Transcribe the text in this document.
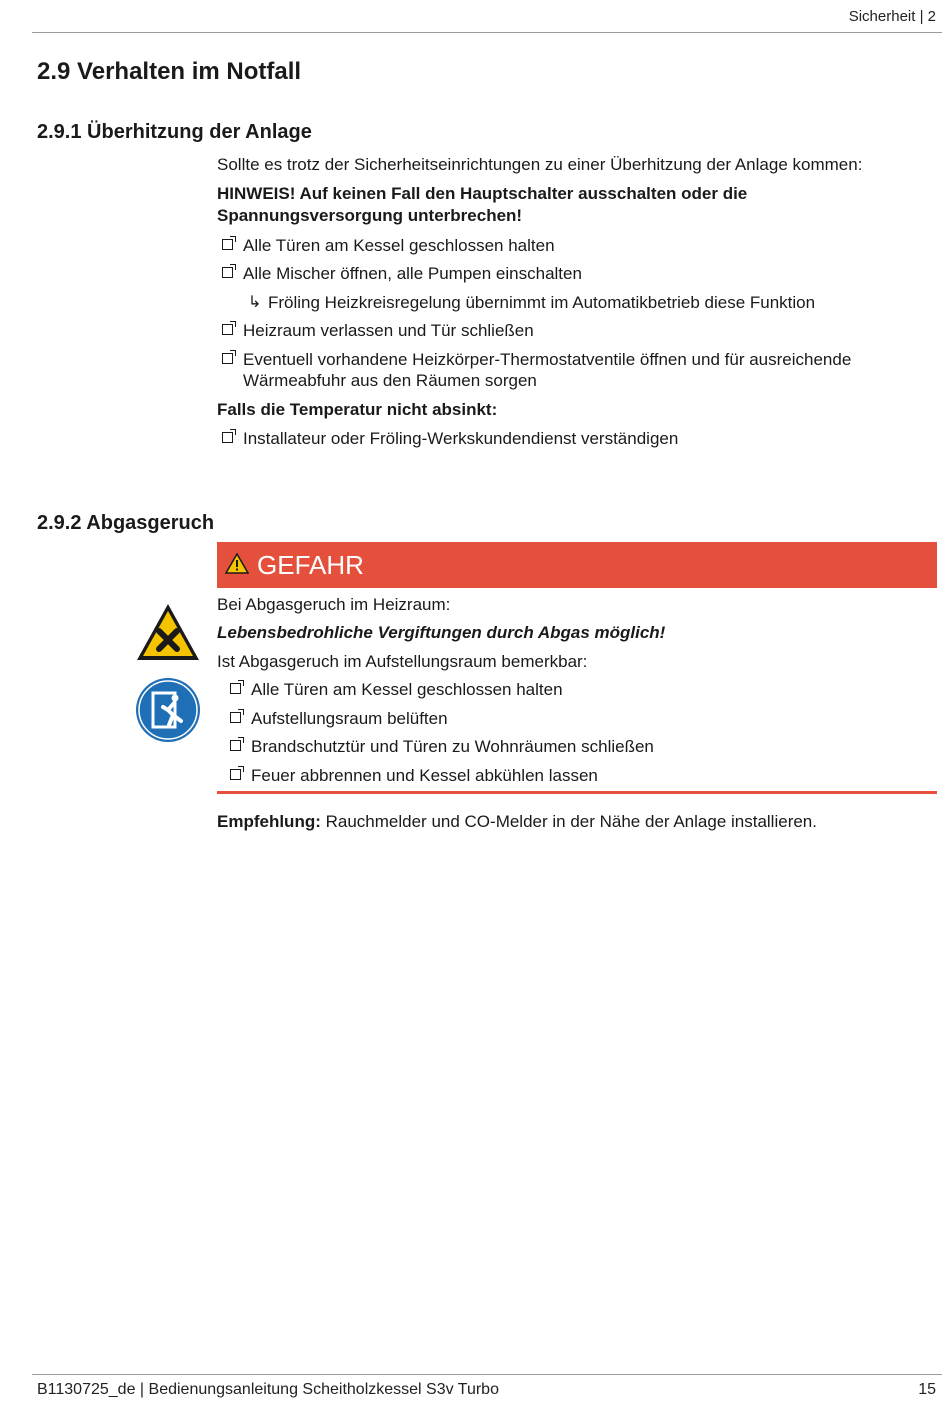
Sicherheit | 2
2.9 Verhalten im Notfall
2.9.1 Überhitzung der Anlage
Sollte es trotz der Sicherheitseinrichtungen zu einer Überhitzung der Anlage kommen:
HINWEIS! Auf keinen Fall den Hauptschalter ausschalten oder die
Spannungsversorgung unterbrechen!
Alle Türen am Kessel geschlossen halten
Alle Mischer öffnen, alle Pumpen einschalten
↳ Fröling Heizkreisregelung übernimmt im Automatikbetrieb diese Funktion
Heizraum verlassen und Tür schließen
Eventuell vorhandene Heizkörper-Thermostatventile öffnen und für ausreichende
Wärmeabfuhr aus den Räumen sorgen
Falls die Temperatur nicht absinkt:
Installateur oder Fröling-Werkskundendienst verständigen
2.9.2 Abgasgeruch
GEFAHR
Bei Abgasgeruch im Heizraum:
Lebensbedrohliche Vergiftungen durch Abgas möglich!
Ist Abgasgeruch im Aufstellungsraum bemerkbar:
Alle Türen am Kessel geschlossen halten
Aufstellungsraum belüften
Brandschutztür und Türen zu Wohnräumen schließen
Feuer abbrennen und Kessel abkühlen lassen
Empfehlung: Rauchmelder und CO-Melder in der Nähe der Anlage installieren.
B1130725_de | Bedienungsanleitung Scheitholzkessel S3v Turbo	15
